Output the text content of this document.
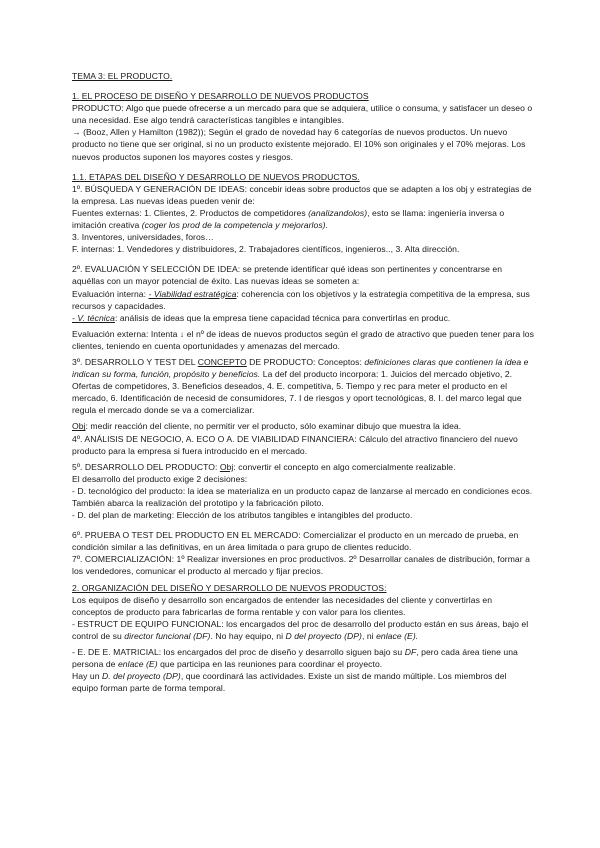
TEMA 3: EL PRODUCTO.

1. EL PROCESO DE DISEÑO Y DESARROLLO DE NUEVOS PRODUCTOS

PRODUCTO: Algo que puede ofrecerse a un mercado para que se adquiera, utilice o consuma, y satisfacer un deseo o una necesidad. Ese algo tendrá características tangibles e intangibles.

→ (Booz, Allen y Hamilton (1982)); Según el grado de novedad hay 6 categorías de nuevos productos. Un nuevo producto no tiene que ser original, si no un producto existente mejorado. El 10% son originales y el 70% mejoras. Los nuevos productos suponen los mayores costes y riesgos.

1.1. ETAPAS DEL DISEÑO Y DESARROLLO DE NUEVOS PRODUCTOS.

1º. BÚSQUEDA Y GENERACIÓN DE IDEAS: concebir ideas sobre productos que se adapten a los obj y estrategias de la empresa. Las nuevas ideas pueden venir de:

Fuentes externas: 1. Clientes, 2. Productos de competidores (analizandolos), esto se llama: ingeniería inversa o imitación creativa (coger los prod de la competencia y mejorarlos).

3. Inventores, universidades, foros…

F. internas: 1. Vendedores y distribuidores, 2. Trabajadores científicos, ingenieros.., 3. Alta dirección.

2º. EVALUACIÓN Y SELECCIÓN DE IDEA: se pretende identificar qué ideas son pertinentes y concentrarse en aquéllas con un mayor potencial de éxito. Las nuevas ideas se someten a:

Evaluación interna: - Viabilidad estratégica: coherencia con los objetivos y la estrategia competitiva de la empresa, sus recursos y capacidades.

- V. técnica: análisis de ideas que la empresa tiene capacidad técnica para convertirlas en produc.

Evaluación externa: Intenta ↓ el nº de ideas de nuevos productos según el grado de atractivo que pueden tener para los clientes, teniendo en cuenta oportunidades y amenazas del mercado.

3º. DESARROLLO Y TEST DEL CONCEPTO DE PRODUCTO: Conceptos: definiciones claras que contienen la idea e indican su forma, función, propósito y beneficios. La def del producto incorpora: 1. Juicios del mercado objetivo, 2. Ofertas de competidores, 3. Beneficios deseados, 4. E. competitiva, 5. Tiempo y rec para meter el producto en el mercado, 6. Identificación de necesid de consumidores, 7. I de riesgos y oport tecnológicas, 8. I. del marco legal que regula el mercado donde se va a comercializar.

Obj: medir reacción del cliente, no permitir ver el producto, sólo examinar dibujo que muestra la idea.

4º. ANÁLISIS DE NEGOCIO, A. ECO O A. DE VIABILIDAD FINANCIERA: Cálculo del atractivo financiero del nuevo producto para la empresa si fuera introducido en el mercado.

5º. DESARROLLO DEL PRODUCTO: Obj: convertir el concepto en algo comercialmente realizable.

El desarrollo del producto exige 2 decisiones:

- D. tecnológico del producto: la idea se materializa en un producto capaz de lanzarse al mercado en condiciones ecos. También abarca la realización del prototipo y la fabricación piloto.

- D. del plan de marketing: Elección de los atributos tangibles e intangibles del producto.

6º. PRUEBA O TEST DEL PRODUCTO EN EL MERCADO: Comercializar el producto en un mercado de prueba, en condición similar a las definitivas, en un área limitada o para grupo de clientes reducido.

7º. COMERCIALIZACIÓN: 1º Realizar inversiones en proc productivos. 2º Desarrollar canales de distribución, formar a los vendedores, comunicar el producto al mercado y fijar precios.

2. ORGANIZACIÓN DEL DISEÑO Y DESARROLLO DE NUEVOS PRODUCTOS:

Los equipos de diseño y desarrollo son encargados de entender las necesidades del cliente y convertirlas en conceptos de producto para fabricarlas de forma rentable y con valor para los clientes.

- ESTRUCT DE EQUIPO FUNCIONAL: los encargados del proc de desarrollo del producto están en sus áreas, bajo el control de su director funcional (DF). No hay equipo, ni D del proyecto (DP), ni enlace (E).

- E. DE E. MATRICIAL: los encargados del proc de diseño y desarrollo siguen bajo su DF, pero cada área tiene una persona de enlace (E) que participa en las reuniones para coordinar el proyecto.

Hay un D. del proyecto (DP), que coordinará las actividades. Existe un sist de mando múltiple. Los miembros del equipo forman parte de forma temporal.
